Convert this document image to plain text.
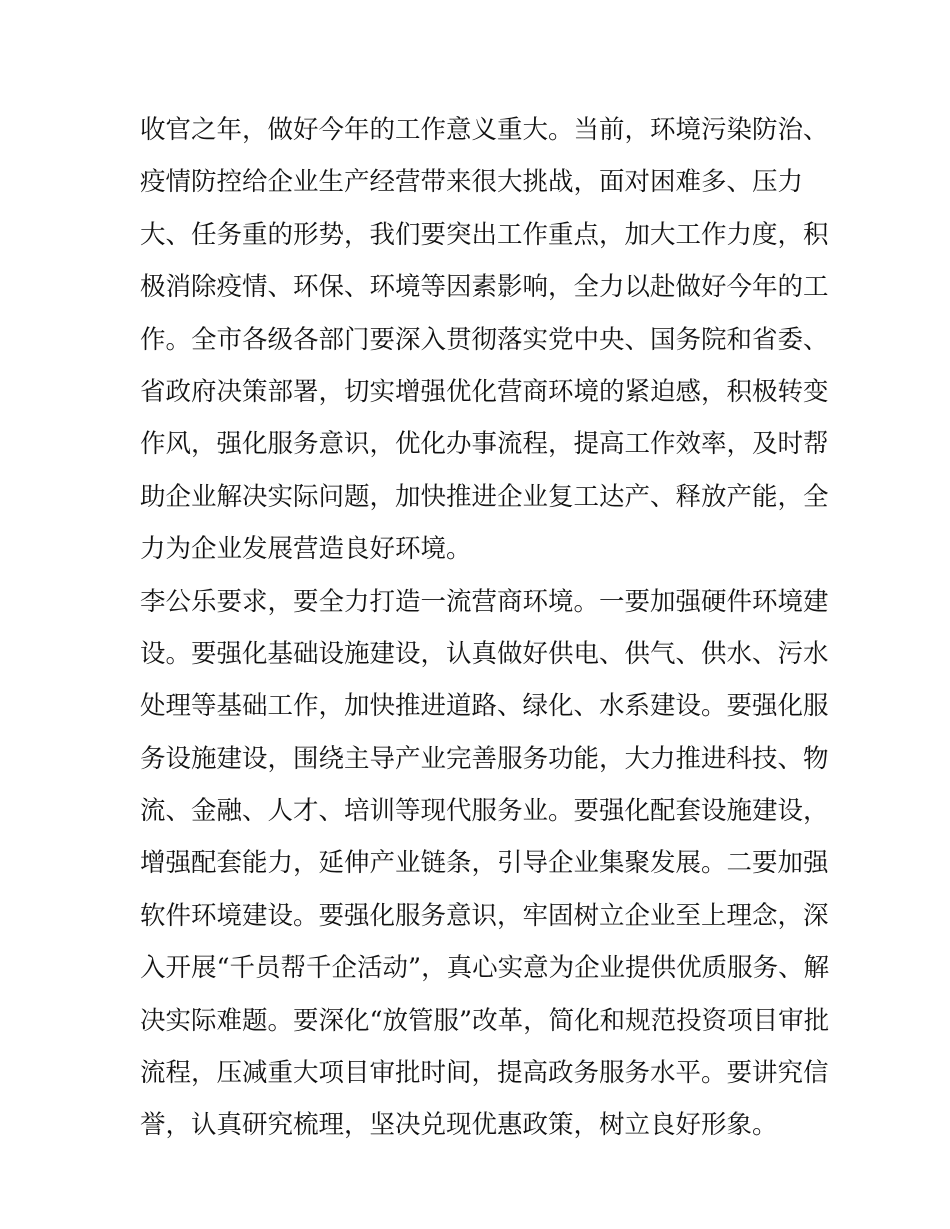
收官之年，做好今年的工作意义重大。当前，环境污染防治、
疫情防控给企业生产经营带来很大挑战，面对困难多、压力
大、任务重的形势，我们要突出工作重点，加大工作力度，积
极消除疫情、环保、环境等因素影响，全力以赴做好今年的工
作。全市各级各部门要深入贯彻落实党中央、国务院和省委、
省政府决策部署，切实增强优化营商环境的紧迫感，积极转变
作风，强化服务意识，优化办事流程，提高工作效率，及时帮
助企业解决实际问题，加快推进企业复工达产、释放产能，全
力为企业发展营造良好环境。
李公乐要求，要全力打造一流营商环境。一要加强硬件环境建
设。要强化基础设施建设，认真做好供电、供气、供水、污水
处理等基础工作，加快推进道路、绿化、水系建设。要强化服
务设施建设，围绕主导产业完善服务功能，大力推进科技、物
流、金融、人才、培训等现代服务业。要强化配套设施建设，
增强配套能力，延伸产业链条，引导企业集聚发展。二要加强
软件环境建设。要强化服务意识，牢固树立企业至上理念，深
入开展“千员帮千企活动”，真心实意为企业提供优质服务、解
决实际难题。要深化“放管服”改革，简化和规范投资项目审批
流程，压减重大项目审批时间，提高政务服务水平。要讲究信
誉，认真研究梳理，坚决兑现优惠政策，树立良好形象。
